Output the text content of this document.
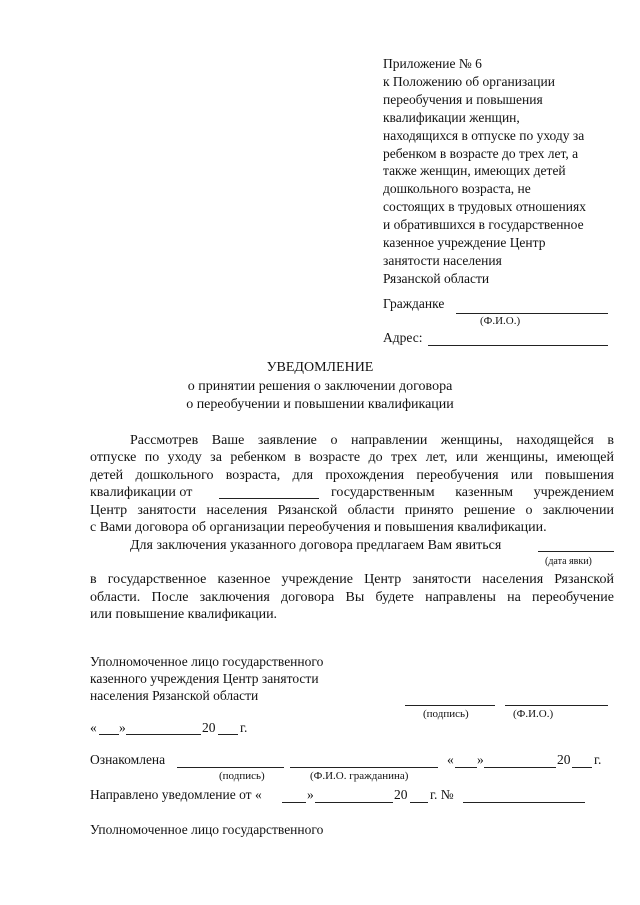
Приложение № 6
к Положению об организации
переобучения и повышения
квалификации женщин,
находящихся в отпуске по уходу за
ребенком в возрасте до трех лет, а
также женщин, имеющих детей
дошкольного возраста, не
состоящих в трудовых отношениях
и обратившихся в государственное
казенное учреждение Центр
занятости населения
Рязанской области
Гражданке
(Ф.И.О.)
Адрес:
УВЕДОМЛЕНИЕ
о принятии решения о заключении договора
о переобучении и повышении квалификации
Рассмотрев Ваше заявление о направлении женщины, находящейся в
отпуске по уходу за ребенком в возрасте до трех лет, или женщины, имеющей
детей дошкольного возраста, для прохождения переобучения или повышения
квалификации от	государственным казенным учреждением
Центр занятости населения Рязанской области принято решение о заключении
с Вами договора об организации переобучения и повышения квалификации.
Для заключения указанного договора предлагаем Вам явиться
(дата явки)
в государственное казенное учреждение Центр занятости населения Рязанской
области. После заключения договора Вы будете направлены на переобучение
или повышение квалификации.
Уполномоченное лицо государственного
казенного учреждения Центр занятости
населения Рязанской области
(подпись)	(Ф.И.О.)
« »	20 г.
Ознакомлена
(подпись)	(Ф.И.О. гражданина)
« »	20 г.
Направлено уведомление от «	»	20 г. №
Уполномоченное лицо государственного
